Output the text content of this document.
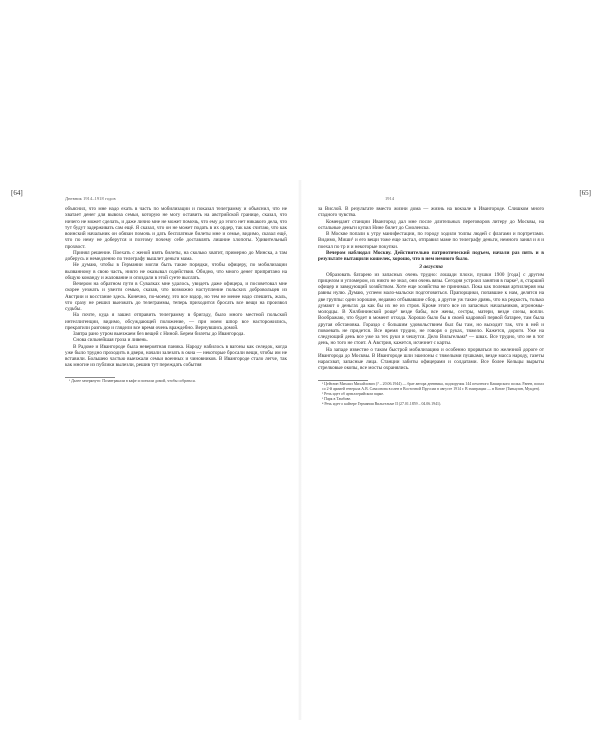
[64]
Дневник 1914–1918 годов	1914
[65]

объяснил, что мне надо ехать в часть по мобилизации и показал телеграмму и объяснил, что не хватает денег для вывоза семьи, которую не могу оставить на австрийской границе, сказал, что ничего не может сделать, и даже лично мне не может помочь, что ему до этого нет никакого дела, что тут будут задерживать сам ещё. Я сказал, что он не может подать в их ордер, так как считаю, что как воинский начальник он обязан помочь и дать бесплатные билеты мне и семье, видимо, сказал ещё, что по нему не доберутся и поэтому почему себе доставлять лишние хлопоты. Удивительный прохвост.

Принял решение. Поехать с женой взять билеты, на сколько хватит, примерно до Минска, а там доберусь и немедленно по телеграфу вышлет деньги мама.

Не думаю, чтобы в Германии могли быть такие порядки, чтобы офицеру, по мобилизации вызванному в свою часть, никто не оказывал содействия. Обидно, что много денег припрятано на общую команду и жалование и опоздали в этой суете выслать.

Вечером на обратном пути в Сувалках мне удалось, увидеть даже офицера, и посоветовал мне скорее уезжать и увезти семью, сказав, что возможно наступление польских добровольцев из Австрии и восстание здесь. Конечно, по-моему, это все вздор, но тем не менее надо спешить, жаль, что сразу не решил выезжать до телеграммы, теперь приходится бросать все вещи на произвол судьбы.

На почте, куда я зашел отправить телеграмму в бригаду, было много местной польской интеллигенции, видимо, обсуждающей положение, — при моем шпор все насторожились, прекратили разговор и глядели все время очень враждебно. Вернувшись домой.

Завтра рано утром выезжаем без вещей с Ниной. Берем билеты до Ивангорода.

Снова сильнейшая гроза и ливень.

В Радоме и Ивангороде была невероятная паника. Народу набилось в вагоны как селедок, когда уже было трудно проходить в двери, начали залезать в окна — некоторые бросали вещи, чтобы им не вставили. Большею частью выезжали семьи военных и чиновников. В Ивангороде стало легче, так как многие из публики вылезли, решив тут переждать события

¹ Далее зачеркнуто: Позавтракали в кафе и поехали домой, чтобы собраться.

за Вислой. В результате вместо жизни дома — жизнь на вокзале в Ивангороде. Слишком много стадного чувства.

Комендант станции Ивангород дал мне после длительных переговоров литеру до Москвы, на остальные деньги купил Нине билет до Смоленска.

В Москве попали к утру манифестации, по городу ходили толпы людей с флагами и портретами. Видимо, Миши¹ и его вещи тоже еще застал, отправил маме по телеграфу деньги, немного занял и я и поехал по тр и и некоторые покупки.

Вечером наблюдал Москву. Действительно патриотический подъем, начали раз пять и в результате вытащили кошелек, хорошо, что в нем немного было.

3 августа

Образовать батарею из запасных очень трудно: лошади плохи, пушки 1900 [года] с другим прицелом и угломером, их никто не знал, они очень вязы. Сегодня устроил занятия в парке², я, старший офицер и заведующий хозяйством. Хоте еще хозяйства не принимал. Пока как полевая артиллерия мы равны нулю. Думаю, успеем мало-мальски подготовиться. Прапорщики, попавшие к нам, делятся на две группы: одни хорошие, недавно отбывавшие сбор, а другие уж такие дрянь, что на редкость, только думают о деньгах да как бы их не из строя. Кроме этого все из запасных начальников, агрономы-молодцы. В Хилбининской роще³ везде бабы, все жены, сестры, матери, везде слезы, вопли. Воображаю, что будет в момент отхода. Хорошо было бы в своей кадровой первой батарее, там была другая обстановка. Гораздо с большим удовольствием был бы там, но выходит так, что в ней и повоевать не придется. Все время трудно, не говоря о руках, тяжело. Кажется, дороги. Уже на следующий день все уже за тех руки и чешутся. Дело Вильгельма⁴ — швах. Все трудно, что не в тот день, но того не стоит. А Австрия, кажется, исчезнет с карты.

На западе известие о таком быстрой мобилизацию и особенно прорваться по железной дороге от Ивангорода до Москвы. В Ивангороде шли эшелоны с тяжелыми пушками, везде масса народу, газеты нарасхват, запасные лица. Станции забиты офицерами и солдатами. Все более Кельцы вырыты стрелковые окопы, все мосты охранялись.

¹ Цейтлин Михаил Михайлович (? – 20.06.1944) — брат автора дневника, подпоручик 144 пехотного Каширского полка. Ранен, попал со 2-й армией генерала А.В. Самсонова в плен в Восточной Пруссии в августе 1914 г. В эмиграции — в Китае (Тяньцзин, Мукден).

² Речь идет об артиллерийском парке.

³ Парк в Тамбове.

⁴ Речь идет о кайзере Германии Вильгельме II (27.01.1859 – 04.06.1941).
